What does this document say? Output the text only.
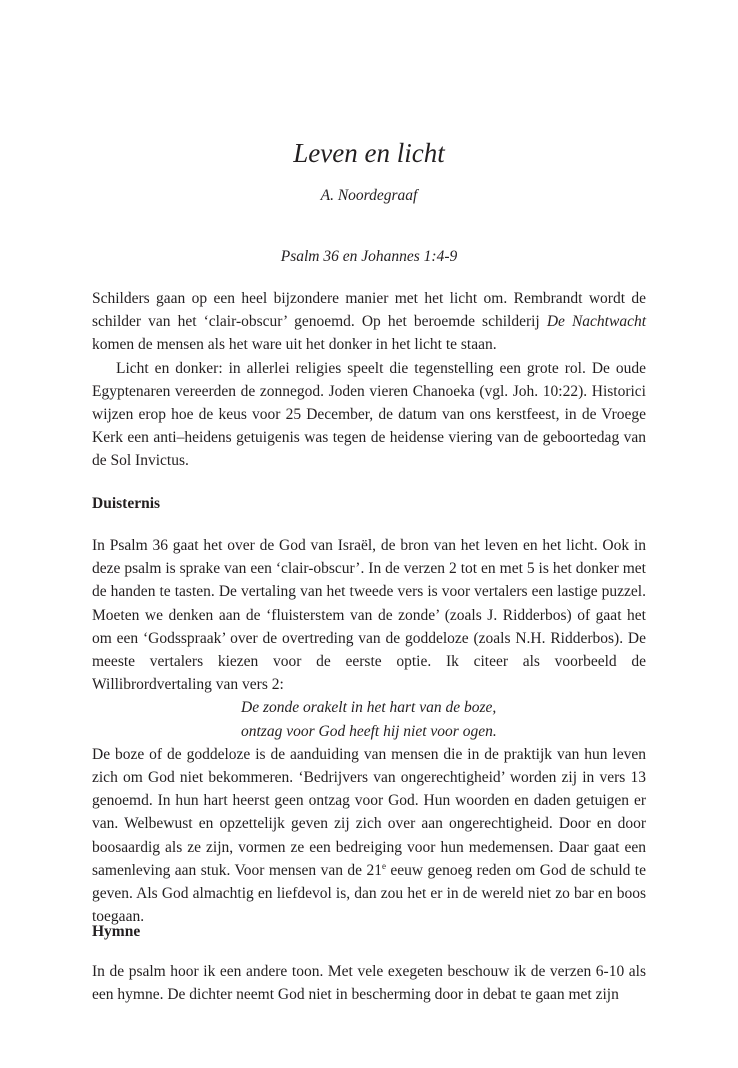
Leven en licht
A. Noordegraaf
Psalm 36 en Johannes 1:4-9

Schilders gaan op een heel bijzondere manier met het licht om. Rembrandt wordt de schilder van het ‘clair-obscur’ genoemd. Op het beroemde schilderij De Nachtwacht komen de mensen als het ware uit het donker in het licht te staan.

Licht en donker: in allerlei religies speelt die tegenstelling een grote rol. De oude Egyptenaren vereerden de zonnegod. Joden vieren Chanoeka (vgl. Joh. 10:22). Historici wijzen erop hoe de keus voor 25 December, de datum van ons kerstfeest, in de Vroege Kerk een anti–heidens getuigenis was tegen de heidense viering van de geboortedag van de Sol Invictus.

Duisternis

In Psalm 36 gaat het over de God van Israël, de bron van het leven en het licht. Ook in deze psalm is sprake van een ‘clair-obscur’. In de verzen 2 tot en met 5 is het donker met de handen te tasten. De vertaling van het tweede vers is voor vertalers een lastige puzzel. Moeten we denken aan de ‘fluisterstem van de zonde’ (zoals J. Ridderbos) of gaat het om een ‘Godsspraak’ over de overtreding van de goddeloze (zoals N.H. Ridderbos). De meeste vertalers kiezen voor de eerste optie. Ik citeer als voorbeeld de Willibrordvertaling van vers 2:

De zonde orakelt in het hart van de boze,

ontzag voor God heeft hij niet voor ogen.

De boze of de goddeloze is de aanduiding van mensen die in de praktijk van hun leven zich om God niet bekommeren. ‘Bedrijvers van ongerechtigheid’ worden zij in vers 13 genoemd. In hun hart heerst geen ontzag voor God. Hun woorden en daden getuigen er van. Welbewust en opzettelijk geven zij zich over aan ongerechtigheid. Door en door boosaardig als ze zijn, vormen ze een bedreiging voor hun medemensen. Daar gaat een samenleving aan stuk. Voor mensen van de 21e eeuw genoeg reden om God de schuld te geven. Als God almachtig en liefdevol is, dan zou het er in de wereld niet zo bar en boos toegaan.

Hymne

In de psalm hoor ik een andere toon. Met vele exegeten beschouw ik de verzen 6-10 als een hymne. De dichter neemt God niet in bescherming door in debat te gaan met zijn
